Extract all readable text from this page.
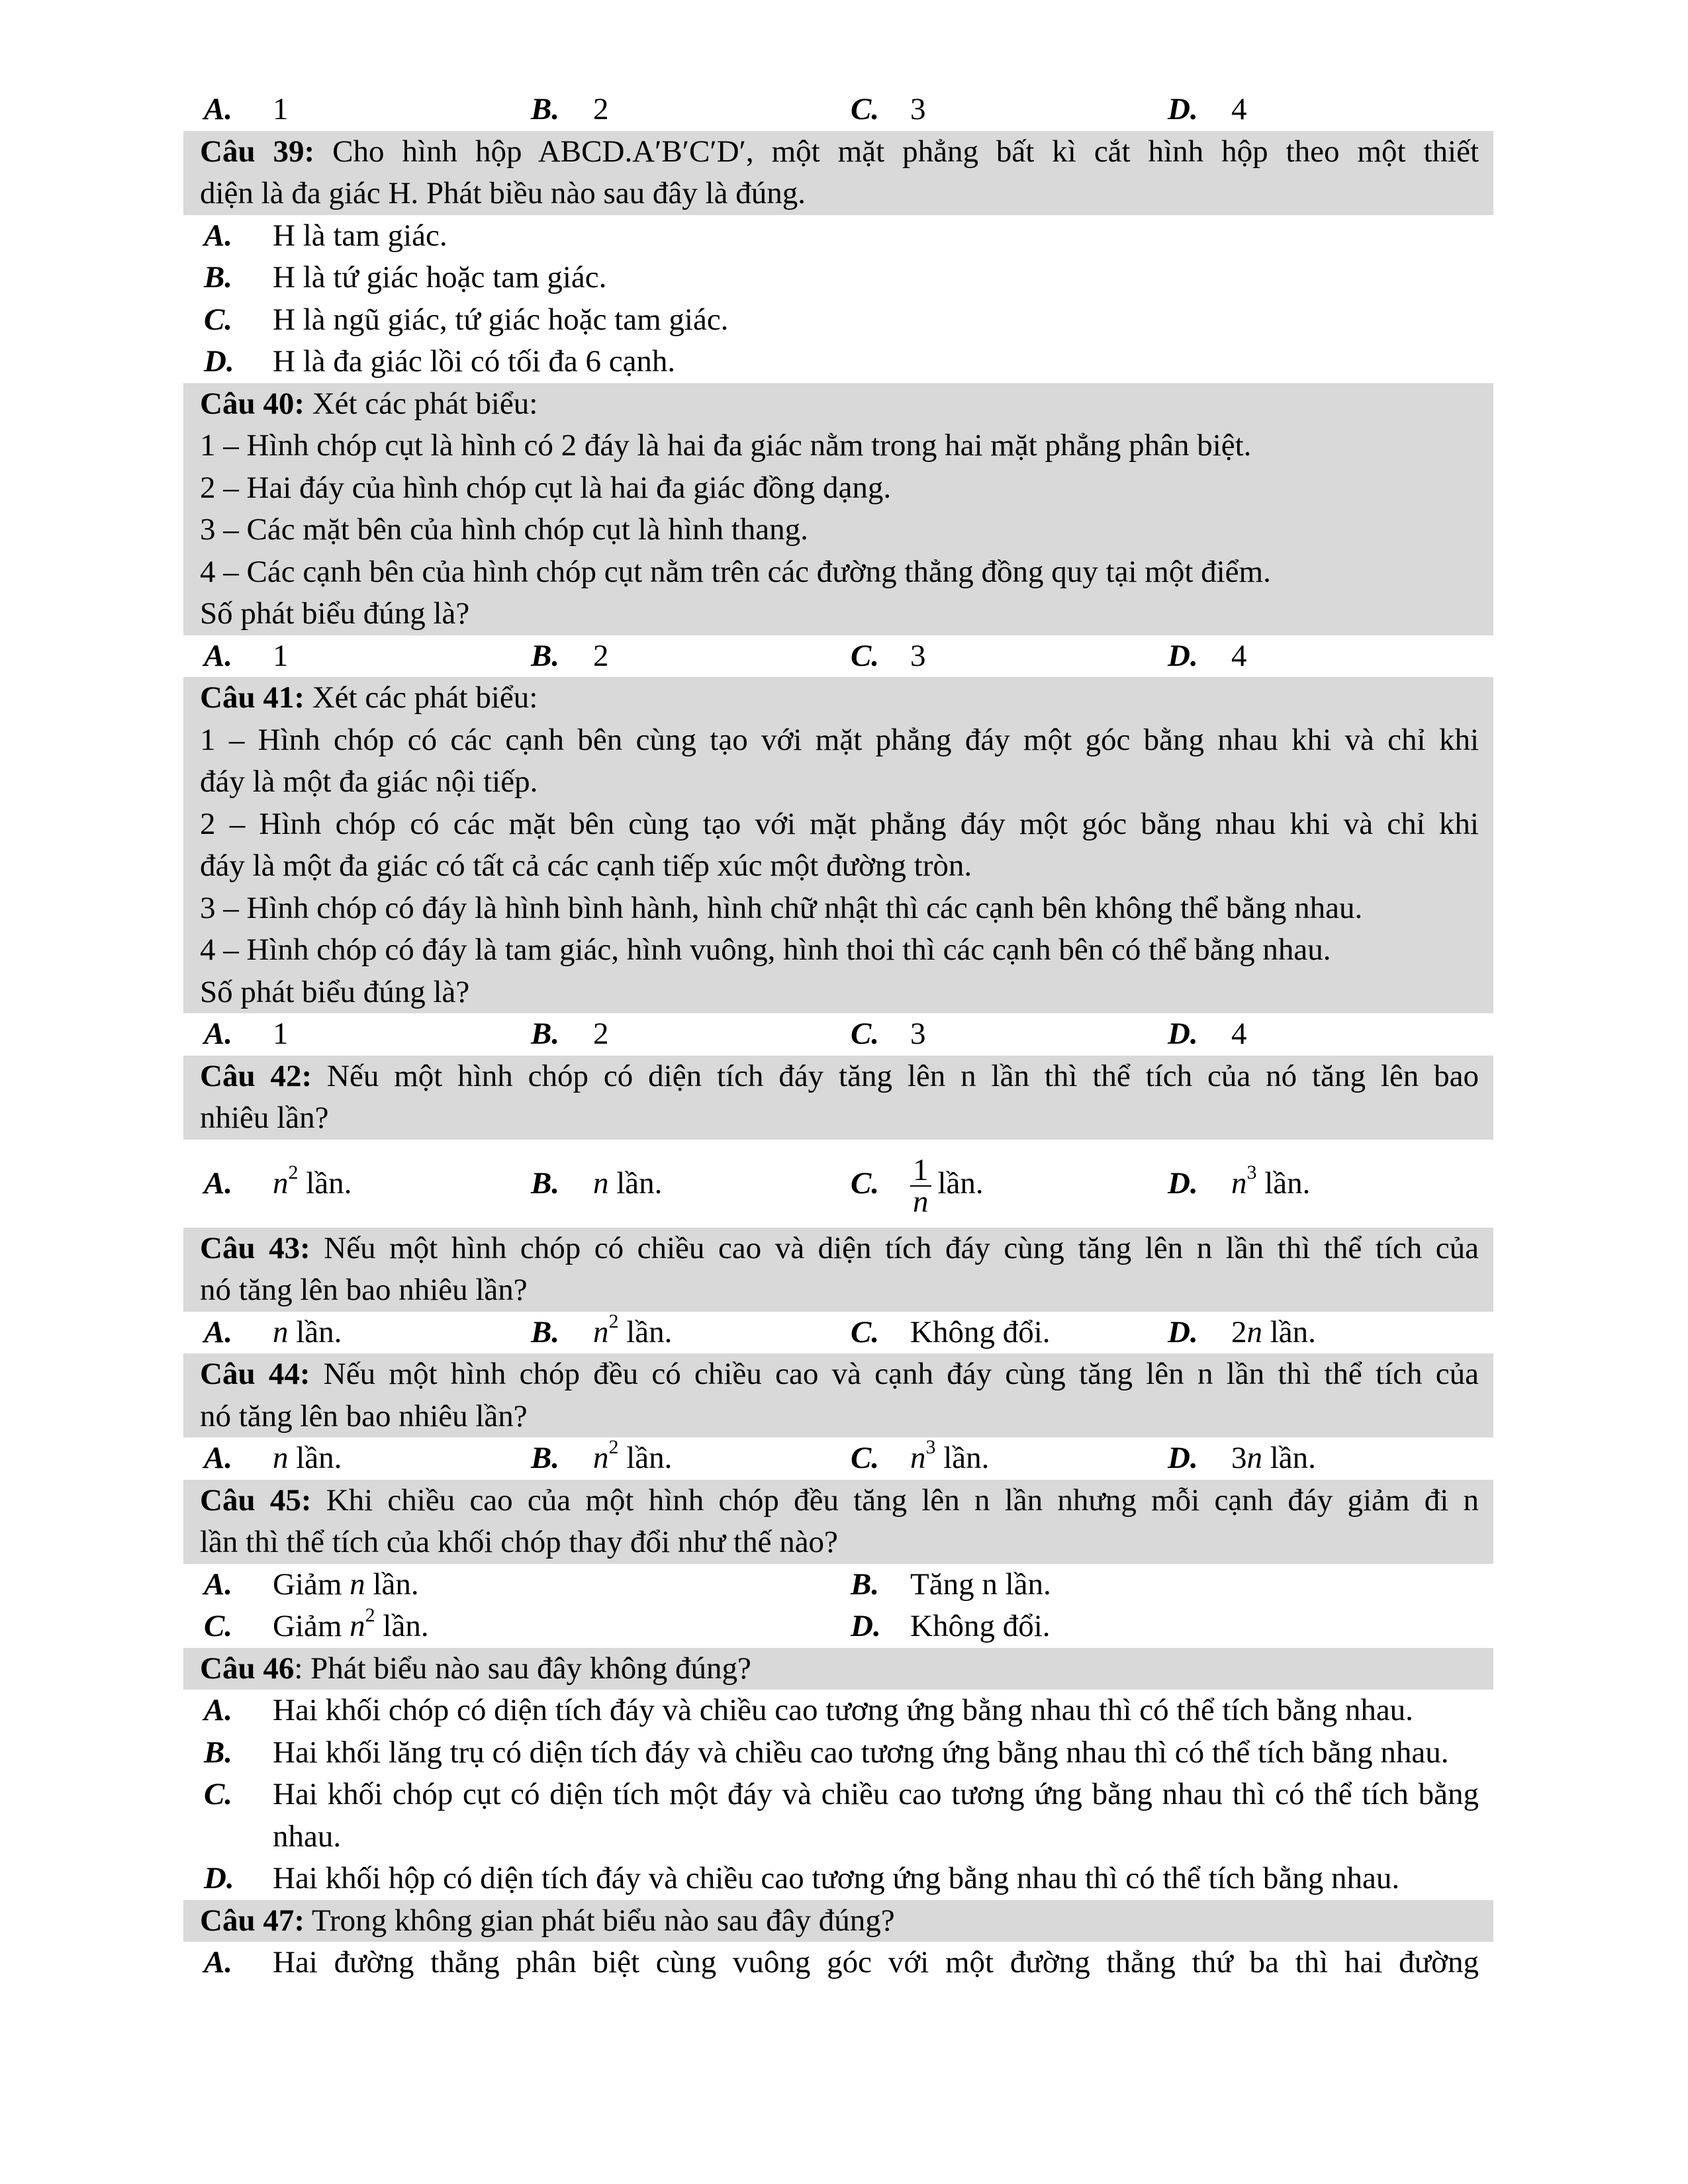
A. 1	B. 2	C. 3	D. 4
Câu 39: Cho hình hộp ABCD.A′B′C′D′, một mặt phẳng bất kì cắt hình hộp theo một thiết
diện là đa giác H. Phát biều nào sau đây là đúng.
A. H là tam giác.
B. H là tứ giác hoặc tam giác.
C. H là ngũ giác, tứ giác hoặc tam giác.
D. H là đa giác lồi có tối đa 6 cạnh.
Câu 40: Xét các phát biểu:
1 – Hình chóp cụt là hình có 2 đáy là hai đa giác nằm trong hai mặt phẳng phân biệt.
2 – Hai đáy của hình chóp cụt là hai đa giác đồng dạng.
3 – Các mặt bên của hình chóp cụt là hình thang.
4 – Các cạnh bên của hình chóp cụt nằm trên các đường thẳng đồng quy tại một điểm.
Số phát biểu đúng là?
A. 1	B. 2	C. 3	D. 4
Câu 41: Xét các phát biểu:
1 – Hình chóp có các cạnh bên cùng tạo với mặt phẳng đáy một góc bằng nhau khi và chỉ khi
đáy là một đa giác nội tiếp.
2 – Hình chóp có các mặt bên cùng tạo với mặt phẳng đáy một góc bằng nhau khi và chỉ khi
đáy là một đa giác có tất cả các cạnh tiếp xúc một đường tròn.
3 – Hình chóp có đáy là hình bình hành, hình chữ nhật thì các cạnh bên không thể bằng nhau.
4 – Hình chóp có đáy là tam giác, hình vuông, hình thoi thì các cạnh bên có thể bằng nhau.
Số phát biểu đúng là?
A. 1	B. 2	C. 3	D. 4
Câu 42: Nếu một hình chóp có diện tích đáy tăng lên n lần thì thể tích của nó tăng lên bao
nhiêu lần?
A. $n^2$ lần.	B. n lần.	C. $\frac{1}{n}$ lần.	D. $n^3$ lần.
Câu 43: Nếu một hình chóp có chiều cao và diện tích đáy cùng tăng lên n lần thì thể tích của
nó tăng lên bao nhiêu lần?
A. n lần.	B. $n^2$ lần.	C. Không đổi.	D. 2n lần.
Câu 44: Nếu một hình chóp đều có chiều cao và cạnh đáy cùng tăng lên n lần thì thể tích của
nó tăng lên bao nhiêu lần?
A. n lần.	B. $n^2$ lần.	C. $n^3$ lần.	D. 3n lần.
Câu 45: Khi chiều cao của một hình chóp đều tăng lên n lần nhưng mỗi cạnh đáy giảm đi n
lần thì thể tích của khối chóp thay đổi như thế nào?
A. Giảm n lần.	B. Tăng n lần.
C. Giảm $n^2$ lần.	D. Không đổi.
Câu 46: Phát biểu nào sau đây không đúng?
A. Hai khối chóp có diện tích đáy và chiều cao tương ứng bằng nhau thì có thể tích bằng nhau.
B. Hai khối lăng trụ có diện tích đáy và chiều cao tương ứng bằng nhau thì có thể tích bằng nhau.
C. Hai khối chóp cụt có diện tích một đáy và chiều cao tương ứng bằng nhau thì có thể tích bằng nhau.
D. Hai khối hộp có diện tích đáy và chiều cao tương ứng bằng nhau thì có thể tích bằng nhau.
Câu 47: Trong không gian phát biểu nào sau đây đúng?
A. Hai đường thẳng phân biệt cùng vuông góc với một đường thẳng thứ ba thì hai đường
